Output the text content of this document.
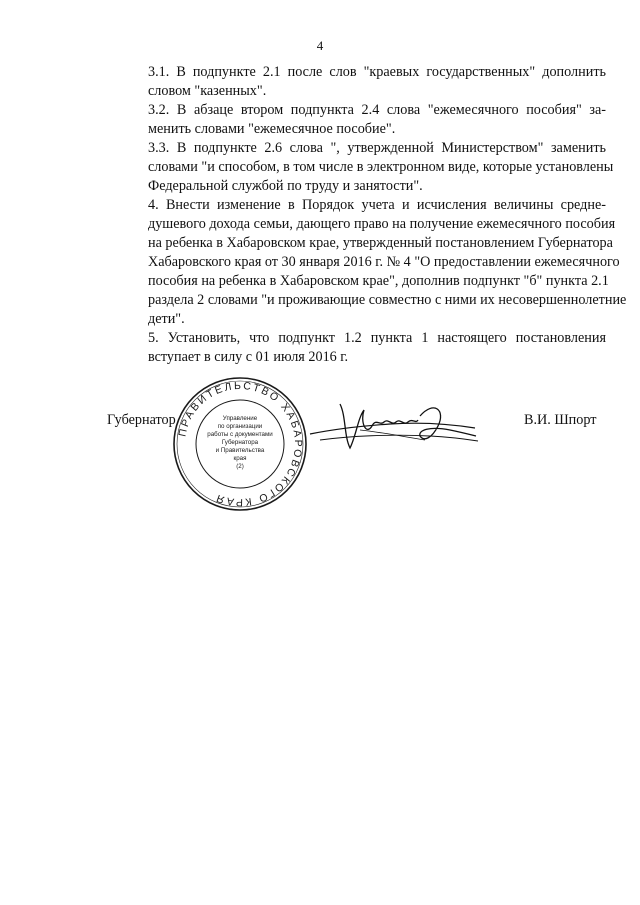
4

3.1. В подпункте 2.1 после слов "краевых государственных" дополнить
словом "казенных".

3.2. В абзаце втором подпункта 2.4 слова "ежемесячного пособия" за-
менить словами "ежемесячное пособие".

3.3. В подпункте 2.6 слова ", утвержденной Министерством" заменить
словами "и способом, в том числе в электронном виде, которые установлены
Федеральной службой по труду и занятости".

4. Внести изменение в Порядок учета и исчисления величины средне-
душевого дохода семьи, дающего право на получение ежемесячного пособия
на ребенка в Хабаровском крае, утвержденный постановлением Губернатора
Хабаровского края от 30 января 2016 г. № 4 "О предоставлении ежемесячного
пособия на ребенка в Хабаровском крае", дополнив подпункт "б" пункта 2.1
раздела 2 словами "и проживающие совместно с ними их несовершеннолетние
дети".

5. Установить, что подпункт 1.2 пункта 1 настоящего постановления
вступает в силу с 01 июля 2016 г.

Губернатор	В.И. Шпорт
ПРАВИТЕЛЬСТВО ХАБАРОВСКОГО КРАЯ
Управление
по организации
работы с документами
Губернатора
и Правительства
края
(2)
